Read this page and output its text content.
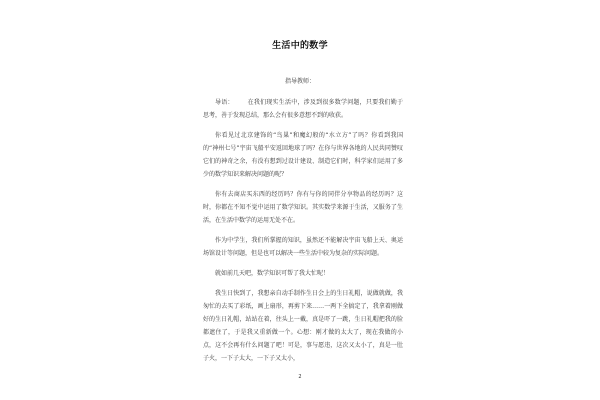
生活中的数学
指导教师：

导语： 在我们现实生活中，涉及到很多数学问题，只要我们勤于思考，善于发现总结，那么会有很多意想不到的收获。

你看见过北京建饰的“鸟巢”和魔幻般的“水立方”了吗？你看到我国的“神州七号”宇宙飞船平安返回地球了吗？在你与世界各地的人民共同赞叹它们的神奇之余，有没有想到过设计建设、制造它们时，科学家们运用了多少的数学知识来解决问题的呢？

你有去商店买东西的经历吗？你有与你的同伴分享物品的经历吗？这时，你都在不知不觉中运用了数学知识。其实数学来源于生活，又服务了生活，在生活中数学的运用无处不在。

作为中学生，我们所掌握的知识，虽然还不能解决宇宙飞船上天、奥运场馆设计等问题，但是也可以解决一些生活中较为复杂的实际问题。

就如前几天吧，数学知识可帮了我大忙呢！

我生日快到了，我想亲自动手制作生日会上的生日礼帽，说做就做，我匆忙的去买了彩纸，画上扇形，再剪下来……一两下全搞定了，我拿着刚做好的生日礼帽，站站在着，往头上一戴，真是吓了一跳，生日礼帽把我的脸都遮住了，于是我又重新做一个。心想：刚才做的太大了，现在我做的小点，这不会再有什么问题了吧！可是，事与愿违，这次又太小了，真是一肚子火，一下子太大，一下子又太小，

2
